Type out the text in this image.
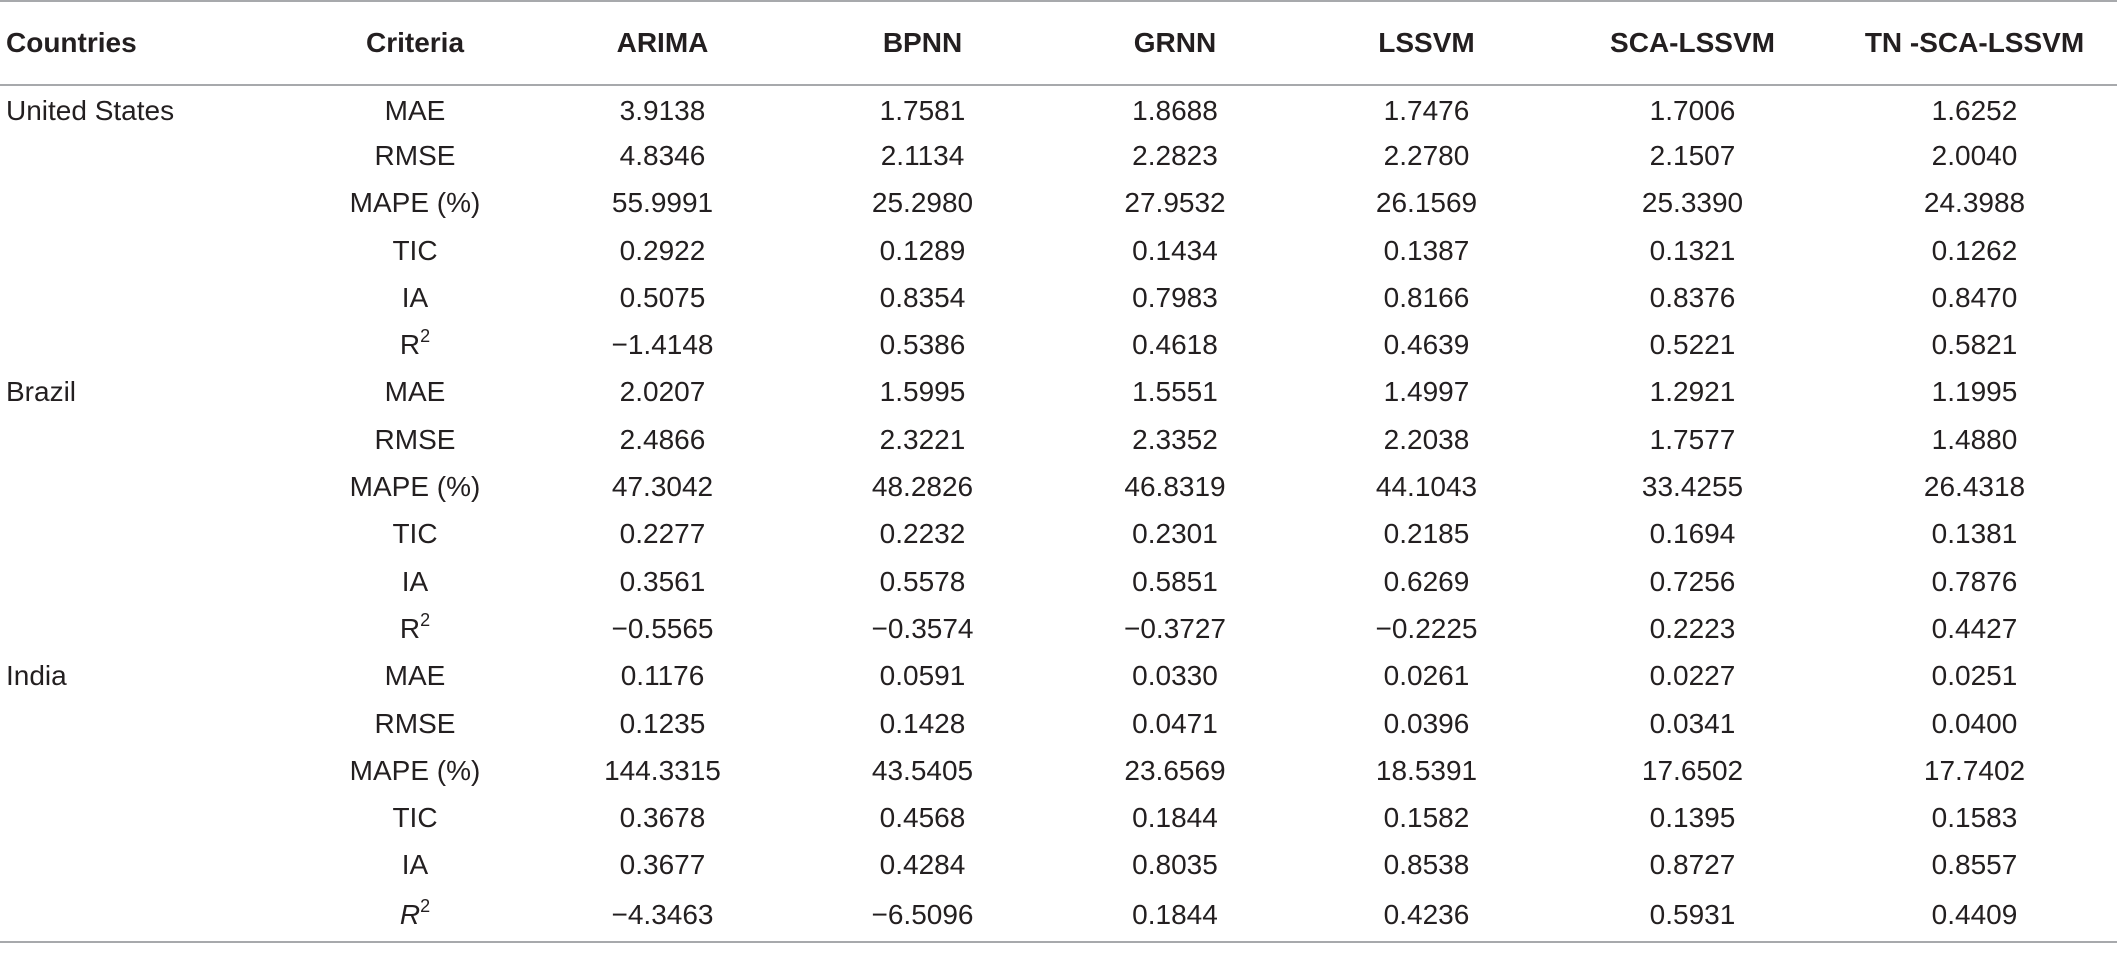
Countries	Criteria	ARIMA	BPNN	GRNN	LSSVM	SCA-LSSVM	TN -SCA-LSSVM
United States	MAE	3.9138	1.7581	1.8688	1.7476	1.7006	1.6252
	RMSE	4.8346	2.1134	2.2823	2.2780	2.1507	2.0040
	MAPE (%)	55.9991	25.2980	27.9532	26.1569	25.3390	24.3988
	TIC	0.2922	0.1289	0.1434	0.1387	0.1321	0.1262
	IA	0.5075	0.8354	0.7983	0.8166	0.8376	0.8470
	$R^2$	−1.4148	0.5386	0.4618	0.4639	0.5221	0.5821
Brazil	MAE	2.0207	1.5995	1.5551	1.4997	1.2921	1.1995
	RMSE	2.4866	2.3221	2.3352	2.2038	1.7577	1.4880
	MAPE (%)	47.3042	48.2826	46.8319	44.1043	33.4255	26.4318
	TIC	0.2277	0.2232	0.2301	0.2185	0.1694	0.1381
	IA	0.3561	0.5578	0.5851	0.6269	0.7256	0.7876
	$R^2$	−0.5565	−0.3574	−0.3727	−0.2225	0.2223	0.4427
India	MAE	0.1176	0.0591	0.0330	0.0261	0.0227	0.0251
	RMSE	0.1235	0.1428	0.0471	0.0396	0.0341	0.0400
	MAPE (%)	144.3315	43.5405	23.6569	18.5391	17.6502	17.7402
	TIC	0.3678	0.4568	0.1844	0.1582	0.1395	0.1583
	IA	0.3677	0.4284	0.8035	0.8538	0.8727	0.8557
	$R^2$	−4.3463	−6.5096	0.1844	0.4236	0.5931	0.4409
